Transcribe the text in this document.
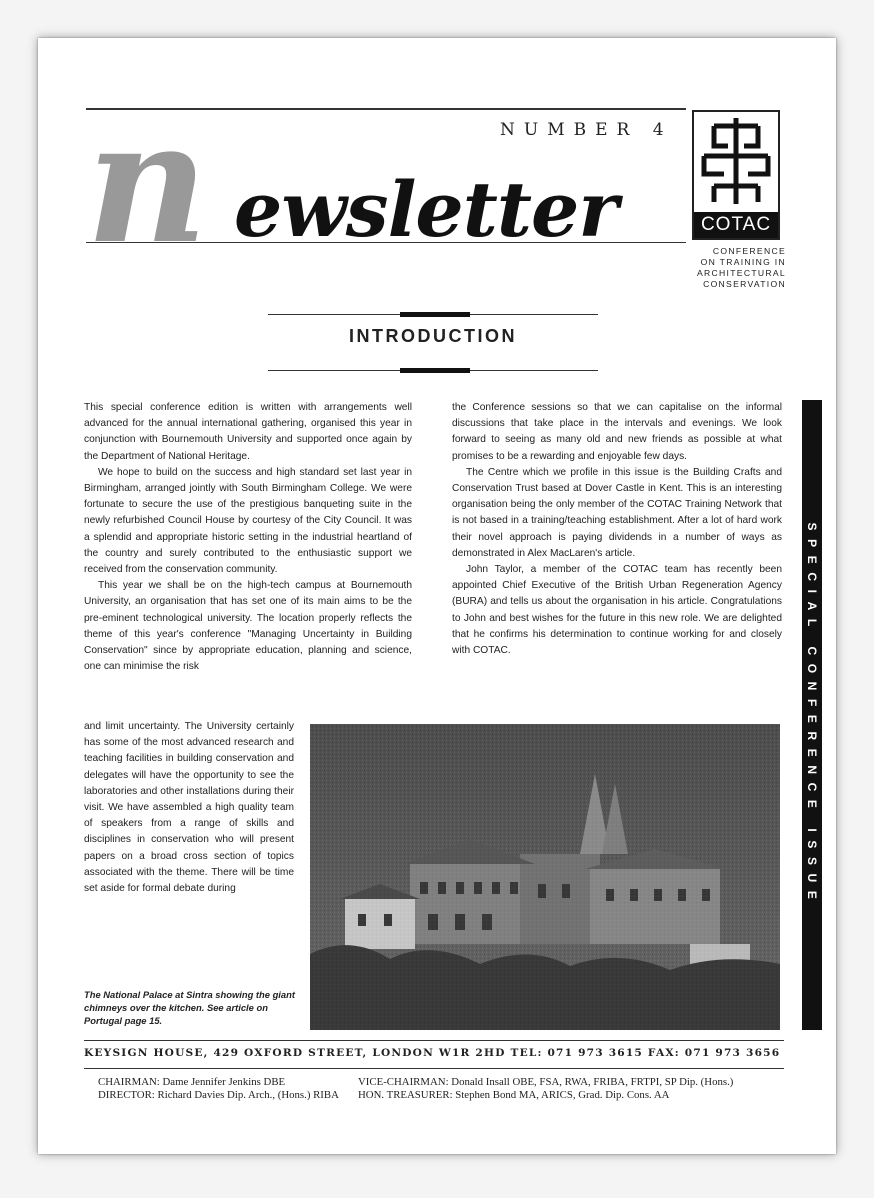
NUMBER 4
n ewsletter	COTAC
CONFERENCE
ON TRAINING IN
ARCHITECTURAL
CONSERVATION
INTRODUCTION

This special conference edition is written with arrangements well advanced for the annual international gathering, organised this year in conjunction with Bournemouth University and supported once again by the Department of National Heritage.

We hope to build on the success and high standard set last year in Birmingham, arranged jointly with South Birmingham College. We were fortunate to secure the use of the prestigious banqueting suite in the newly refurbished Council House by courtesy of the City Council. It was a splendid and appropriate historic setting in the industrial heartland of the country and surely contributed to the enthusiastic support we received from the conservation community.

This year we shall be on the high-tech campus at Bournemouth University, an organisation that has set one of its main aims to be the pre-eminent technological university. The location properly reflects the theme of this year's conference "Managing Uncertainty in Building Conservation" since by appropriate education, planning and science, one can minimise the risk

and limit uncertainty. The University certainly has some of the most advanced research and teaching facilities in building conservation and delegates will have the opportunity to see the laboratories and other installations during their visit. We have assembled a high quality team of speakers from a range of skills and disciplines in conservation who will present papers on a broad cross section of topics associated with the theme. There will be time set aside for formal debate during

the Conference sessions so that we can capitalise on the informal discussions that take place in the intervals and evenings. We look forward to seeing as many old and new friends as possible at what promises to be a rewarding and enjoyable few days.

The Centre which we profile in this issue is the Building Crafts and Conservation Trust based at Dover Castle in Kent. This is an interesting organisation being the only member of the COTAC Training Network that is not based in a training/teaching establishment. After a lot of hard work their novel approach is paying dividends in a number of ways as demonstrated in Alex MacLaren's article.

John Taylor, a member of the COTAC team has recently been appointed Chief Executive of the British Urban Regeneration Agency (BURA) and tells us about the organisation in his article. Congratulations to John and best wishes for the future in this new role. We are delighted that he confirms his determination to continue working for and closely with COTAC.

The National Palace at Sintra showing the giant chimneys over the kitchen. See article on Portugal page 15.
SPECIAL CONFERENCE ISSUE
KEYSIGN HOUSE, 429 OXFORD STREET, LONDON W1R 2HD TEL: 071 973 3615 FAX: 071 973 3656
CHAIRMAN: Dame Jennifer Jenkins DBE
DIRECTOR: Richard Davies Dip. Arch., (Hons.) RIBA
VICE-CHAIRMAN: Donald Insall OBE, FSA, RWA, FRIBA, FRTPI, SP Dip. (Hons.)
HON. TREASURER: Stephen Bond MA, ARICS, Grad. Dip. Cons. AA
